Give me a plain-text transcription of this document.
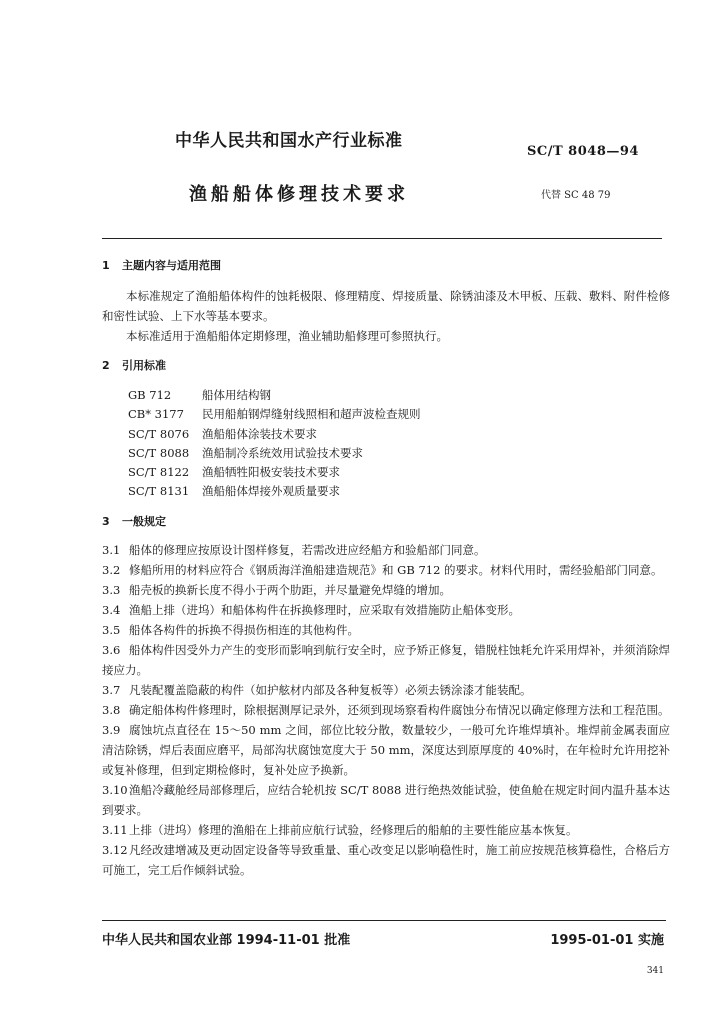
中华人民共和国水产行业标准
SC/T 8048—94
渔船船体修理技术要求	代替 SC 48 79

1 主题内容与适用范围

本标准规定了渔船船体构件的蚀耗极限、修理精度、焊接质量、除锈油漆及木甲板、压载、敷料、附件检修和密性试验、上下水等基本要求。

本标准适用于渔船船体定期修理，渔业辅助船修理可参照执行。

2 引用标准

GB 712	船体用结构钢

CB* 3177 民用船舶钢焊缝射线照相和超声波检查规则

SC/T 8076 渔船船体涂装技术要求

SC/T 8088 渔船制冷系统效用试验技术要求

SC/T 8122 渔船牺牲阳极安装技术要求

SC/T 8131 渔船船体焊接外观质量要求

3 一般规定

3.1 船体的修理应按原设计图样修复，若需改进应经船方和验船部门同意。

3.2 修船所用的材料应符合《钢质海洋渔船建造规范》和 GB 712 的要求。材料代用时，需经验船部门同意。

3.3 船壳板的换新长度不得小于两个肋距，并尽量避免焊缝的增加。

3.4 渔船上排（进坞）和船体构件在拆换修理时，应采取有效措施防止船体变形。

3.5 船体各构件的拆换不得损伤相连的其他构件。

3.6 船体构件因受外力产生的变形而影响到航行安全时，应予矫正修复，错脱柱蚀耗允许采用焊补，并须消除焊接应力。

3.7 凡装配覆盖隐蔽的构件（如护舷材内部及各种复板等）必须去锈涂漆才能装配。

3.8 确定船体构件修理时，除根据测厚记录外，还须到现场察看构件腐蚀分布情况以确定修理方法和工程范围。

3.9 腐蚀坑点直径在 15～50 mm 之间，部位比较分散，数量较少，一般可允许堆焊填补。堆焊前金属表面应清洁除锈，焊后表面应磨平，局部沟状腐蚀宽度大于 50 mm，深度达到原厚度的 40%时，在年检时允许用挖补或复补修理，但到定期检修时，复补处应予换新。

3.10渔船冷藏舱经局部修理后，应结合轮机按 SC/T 8088 进行绝热效能试验，使鱼舱在规定时间内温升基本达到要求。

3.11上排（进坞）修理的渔船在上排前应航行试验，经修理后的船舶的主要性能应基本恢复。

3.12凡经改建增减及更动固定设备等导致重量、重心改变足以影响稳性时，施工前应按规范核算稳性，合格后方可施工，完工后作倾斜试验。

中华人民共和国农业部 1994-11-01 批准	1995-01-01 实施
341
